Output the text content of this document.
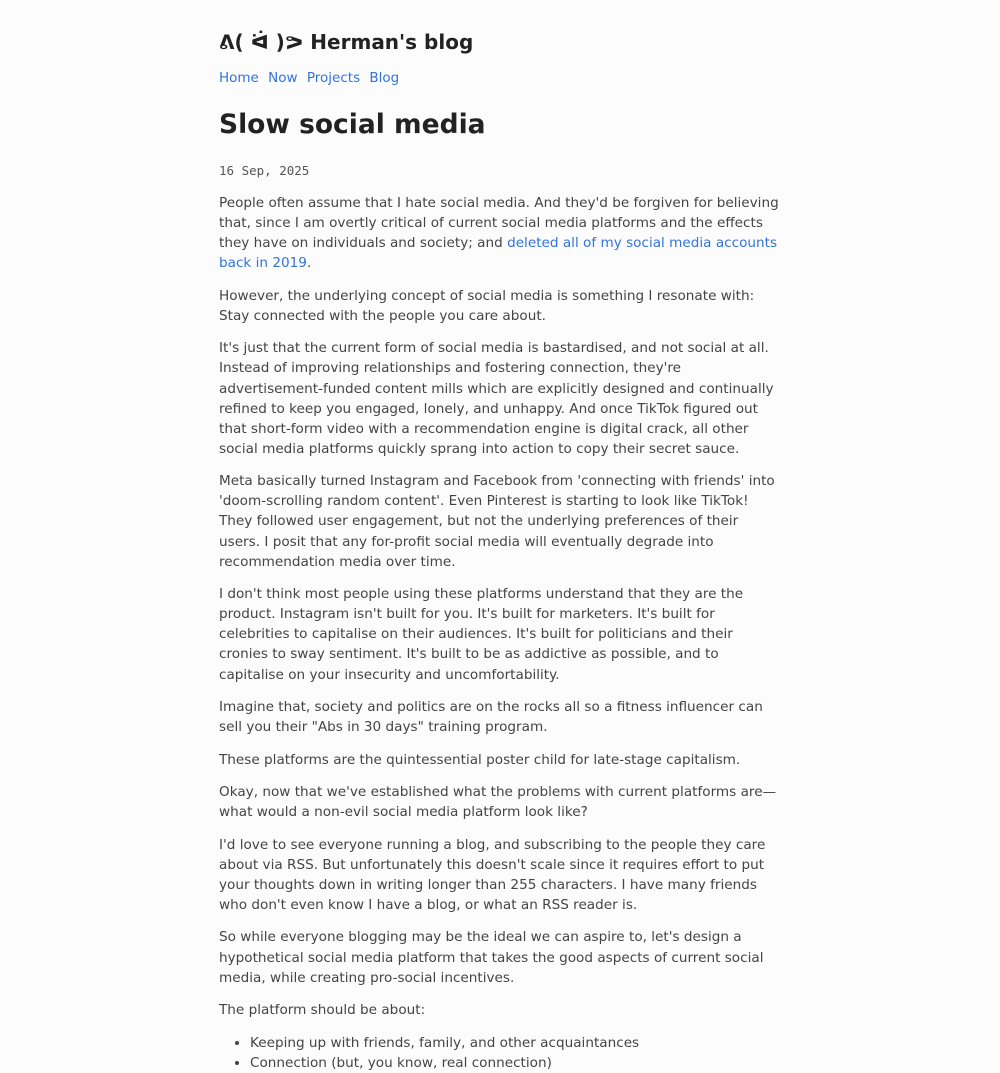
ᕕ( ᐛ )ᕗ Herman's blog
Home Now Projects Blog
Slow social media
16 Sep, 2025

People often assume that I hate social media. And they'd be forgiven for believing that, since I am overtly critical of current social media platforms and the effects they have on individuals and society; and deleted all of my social media accounts back in 2019.

However, the underlying concept of social media is something I resonate with: Stay connected with the people you care about.

It's just that the current form of social media is bastardised, and not social at all. Instead of improving relationships and fostering connection, they're advertisement-funded content mills which are explicitly designed and continually refined to keep you engaged, lonely, and unhappy. And once TikTok figured out that short-form video with a recommendation engine is digital crack, all other social media platforms quickly sprang into action to copy their secret sauce.

Meta basically turned Instagram and Facebook from 'connecting with friends' into 'doom-scrolling random content'. Even Pinterest is starting to look like TikTok! They followed user engagement, but not the underlying preferences of their users. I posit that any for-profit social media will eventually degrade into recommendation media over time.

I don't think most people using these platforms understand that they are the product. Instagram isn't built for you. It's built for marketers. It's built for celebrities to capitalise on their audiences. It's built for politicians and their cronies to sway sentiment. It's built to be as addictive as possible, and to capitalise on your insecurity and uncomfortability.

Imagine that, society and politics are on the rocks all so a fitness influencer can sell you their "Abs in 30 days" training program.

These platforms are the quintessential poster child for late-stage capitalism.

Okay, now that we've established what the problems with current platforms are—what would a non-evil social media platform look like?

I'd love to see everyone running a blog, and subscribing to the people they care about via RSS. But unfortunately this doesn't scale since it requires effort to put your thoughts down in writing longer than 255 characters. I have many friends who don't even know I have a blog, or what an RSS reader is.

So while everyone blogging may be the ideal we can aspire to, let's design a hypothetical social media platform that takes the good aspects of current social media, while creating pro-social incentives.

The platform should be about:

• Keeping up with friends, family, and other acquaintances
• Connection (but, you know, real connection)
